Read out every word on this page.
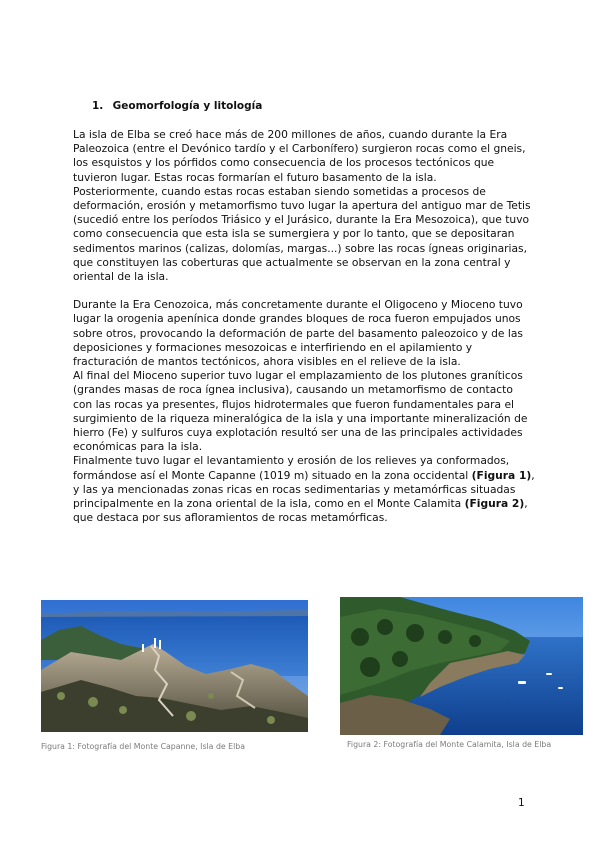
1. Geomorfología y litología

La isla de Elba se creó hace más de 200 millones de años, cuando durante la Era Paleozoica (entre el Devónico tardío y el Carbonífero) surgieron rocas como el gneis, los esquistos y los pórfidos como consecuencia de los procesos tectónicos que tuvieron lugar. Estas rocas formarían el futuro basamento de la isla.

Posteriormente, cuando estas rocas estaban siendo sometidas a procesos de deformación, erosión y metamorfismo tuvo lugar la apertura del antiguo mar de Tetis (sucedió entre los períodos Triásico y el Jurásico, durante la Era Mesozoica), que tuvo como consecuencia que esta isla se sumergiera y por lo tanto, que se depositaran sedimentos marinos (calizas, dolomías, margas...) sobre las rocas ígneas originarias, que constituyen las coberturas que actualmente se observan en la zona central y oriental de la isla.

Durante la Era Cenozoica, más concretamente durante el Oligoceno y Mioceno tuvo lugar la orogenia apenínica donde grandes bloques de roca fueron empujados unos sobre otros, provocando la deformación de parte del basamento paleozoico y de las deposiciones y formaciones mesozoicas e interfiriendo en el apilamiento y fracturación de mantos tectónicos, ahora visibles en el relieve de la isla.

Al final del Mioceno superior tuvo lugar el emplazamiento de los plutones graníticos (grandes masas de roca ígnea inclusiva), causando un metamorfismo de contacto con las rocas ya presentes, flujos hidrotermales que fueron fundamentales para el surgimiento de la riqueza mineralógica de la isla y una importante mineralización de hierro (Fe) y sulfuros cuya explotación resultó ser una de las principales actividades económicas para la isla.

Finalmente tuvo lugar el levantamiento y erosión de los relieves ya conformados, formándose así el Monte Capanne (1019 m) situado en la zona occidental (Figura 1), y las ya mencionadas zonas ricas en rocas sedimentarias y metamórficas situadas principalmente en la zona oriental de la isla, como en el Monte Calamita (Figura 2), que destaca por sus afloramientos de rocas metamórficas.

Figura 1: Fotografía del Monte Capanne, Isla de Elba	Figura 2: Fotografía del Monte Calamita, Isla de Elba
1
